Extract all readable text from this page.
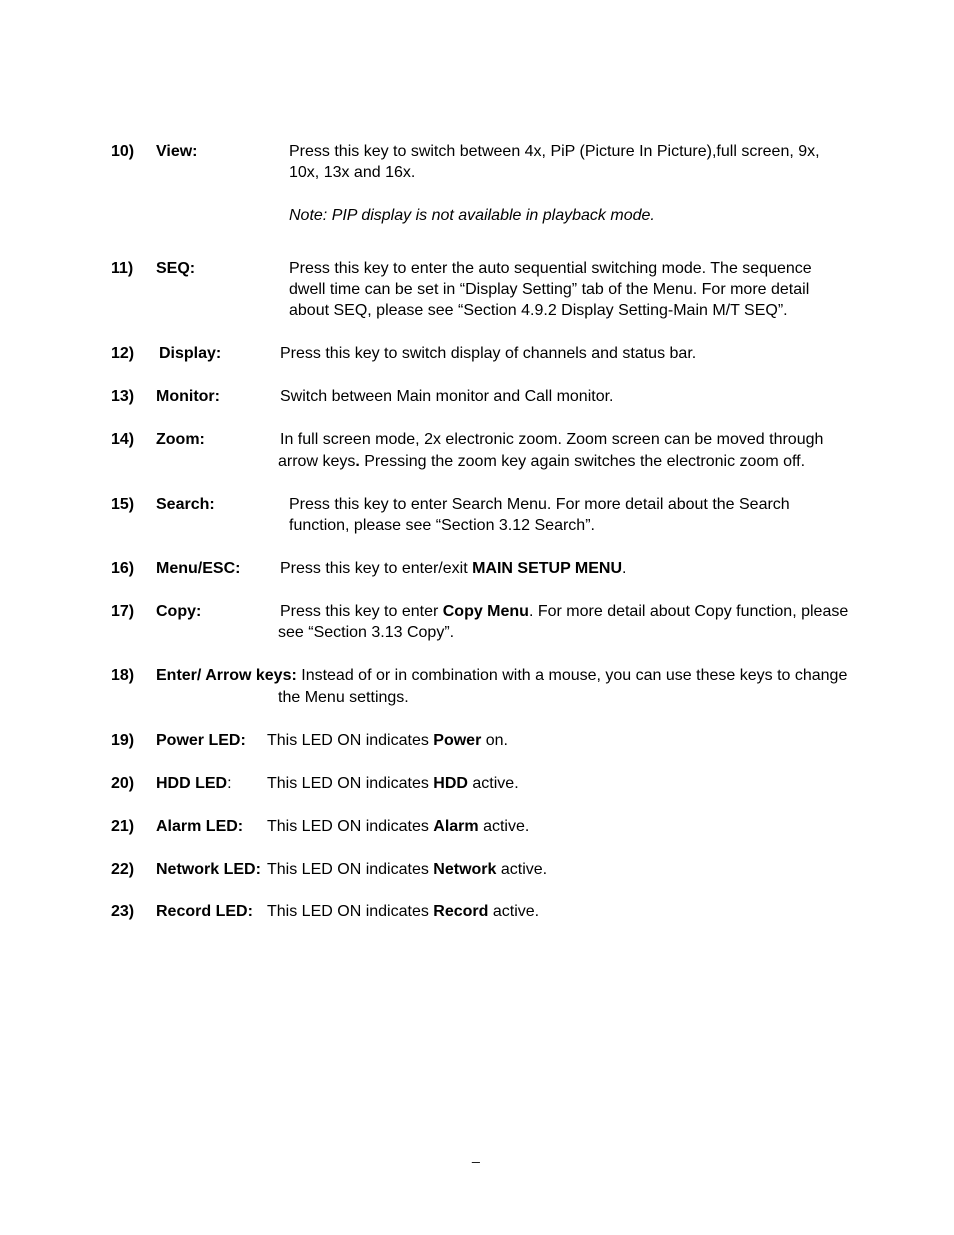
10) View:	Press this key to switch between 4x, PiP (Picture In Picture),full screen, 9x, 10x, 13x and 16x.

Note: PIP display is not available in playback mode.

11) SEQ:	Press this key to enter the auto sequential switching mode. The sequence dwell time can be set in “Display Setting” tab of the Menu. For more detail about SEQ, please see “Section 4.9.2 Display Setting-Main M/T SEQ”.

12) Display:	Press this key to switch display of channels and status bar.

13) Monitor:	Switch between Main monitor and Call monitor.

14) Zoom:	In full screen mode, 2x electronic zoom. Zoom screen can be moved through

arrow keys. Pressing the zoom key again switches the electronic zoom off.

15) Search:	Press this key to enter Search Menu. For more detail about the Search function, please see “Section 3.12 Search”.

16) Menu/ESC: Press this key to enter/exit MAIN SETUP MENU.

17) Copy:	Press this key to enter Copy Menu. For more detail about Copy function, please

see “Section 3.13 Copy”.

18) Enter/ Arrow keys: Instead of or in combination with a mouse, you can use these keys to change

the Menu settings.

19) Power LED: This LED ON indicates Power on.

20) HDD LED: This LED ON indicates HDD active.

21) Alarm LED: This LED ON indicates Alarm active.

22) Network LED: This LED ON indicates Network active.

23) Record LED: This LED ON indicates Record active.

_
